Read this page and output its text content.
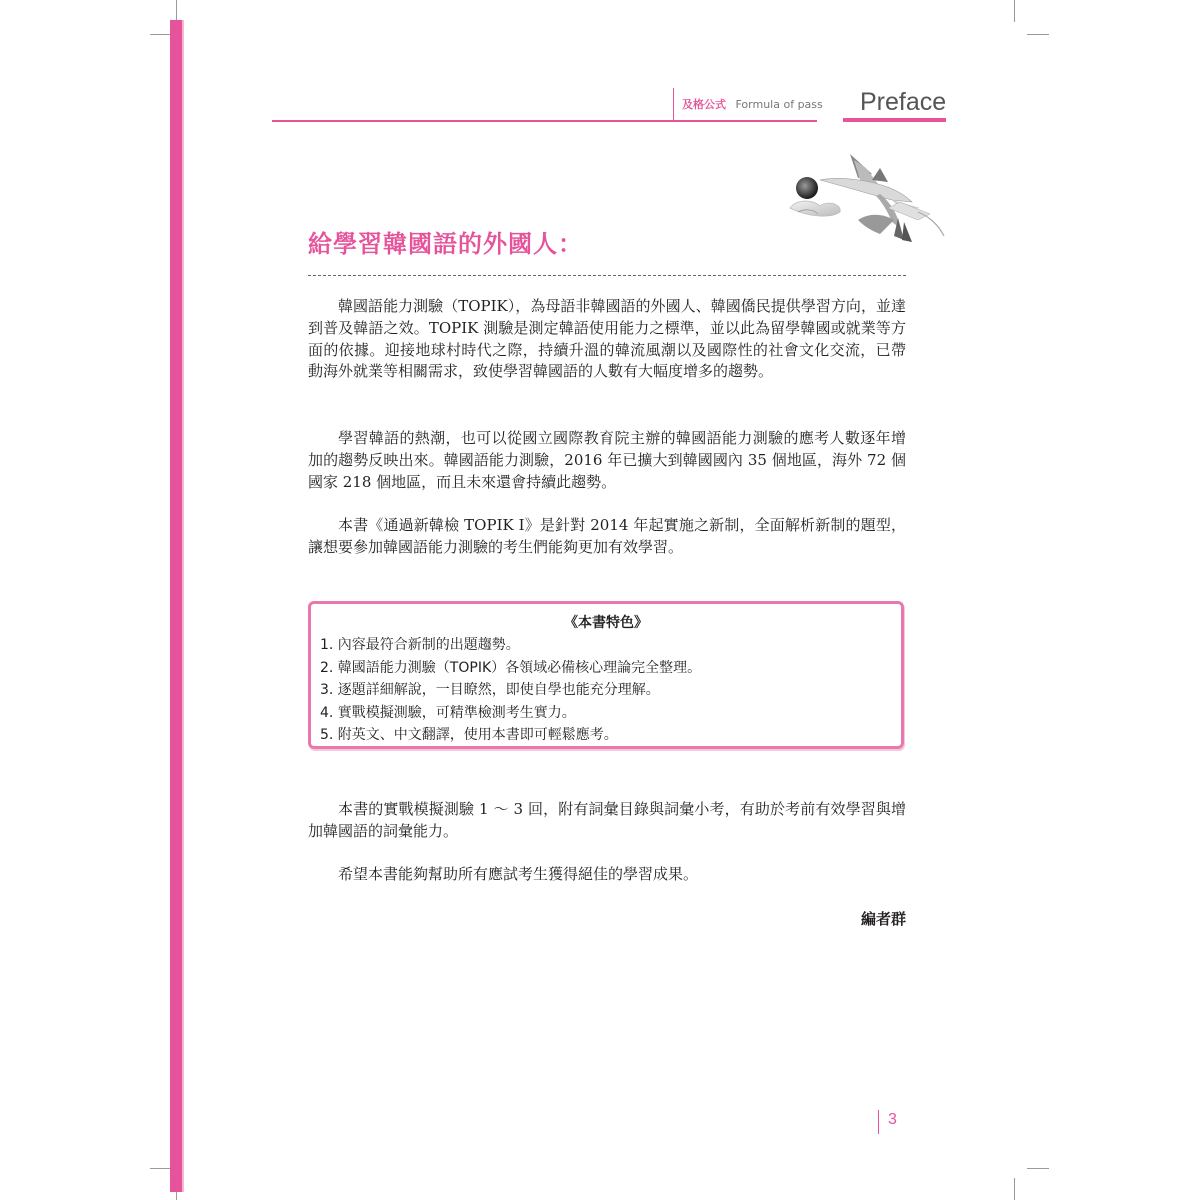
及格公式 Formula of pass Preface
給學習韓國語的外國人：

韓國語能力測驗（TOPIK），為母語非韓國語的外國人、韓國僑民提供學習方向，並達到普及韓語之效。TOPIK 測驗是測定韓語使用能力之標準，並以此為留學韓國或就業等方面的依據。迎接地球村時代之際，持續升溫的韓流風潮以及國際性的社會文化交流，已帶動海外就業等相關需求，致使學習韓國語的人數有大幅度增多的趨勢。

學習韓語的熱潮，也可以從國立國際教育院主辦的韓國語能力測驗的應考人數逐年增加的趨勢反映出來。韓國語能力測驗，2016 年已擴大到韓國國內 35 個地區，海外 72 個國家 218 個地區，而且未來還會持續此趨勢。

本書《通過新韓檢 TOPIK I》是針對 2014 年起實施之新制，全面解析新制的題型，讓想要參加韓國語能力測驗的考生們能夠更加有效學習。

《本書特色》
1. 內容最符合新制的出題趨勢。
2. 韓國語能力測驗（TOPIK）各領域必備核心理論完全整理。
3. 逐題詳細解說，一目瞭然，即使自學也能充分理解。
4. 實戰模擬測驗，可精準檢測考生實力。
5. 附英文、中文翻譯，使用本書即可輕鬆應考。

本書的實戰模擬測驗 1 ～ 3 回，附有詞彙目錄與詞彙小考，有助於考前有效學習與增加韓國語的詞彙能力。

希望本書能夠幫助所有應試考生獲得絕佳的學習成果。

編者群
3
